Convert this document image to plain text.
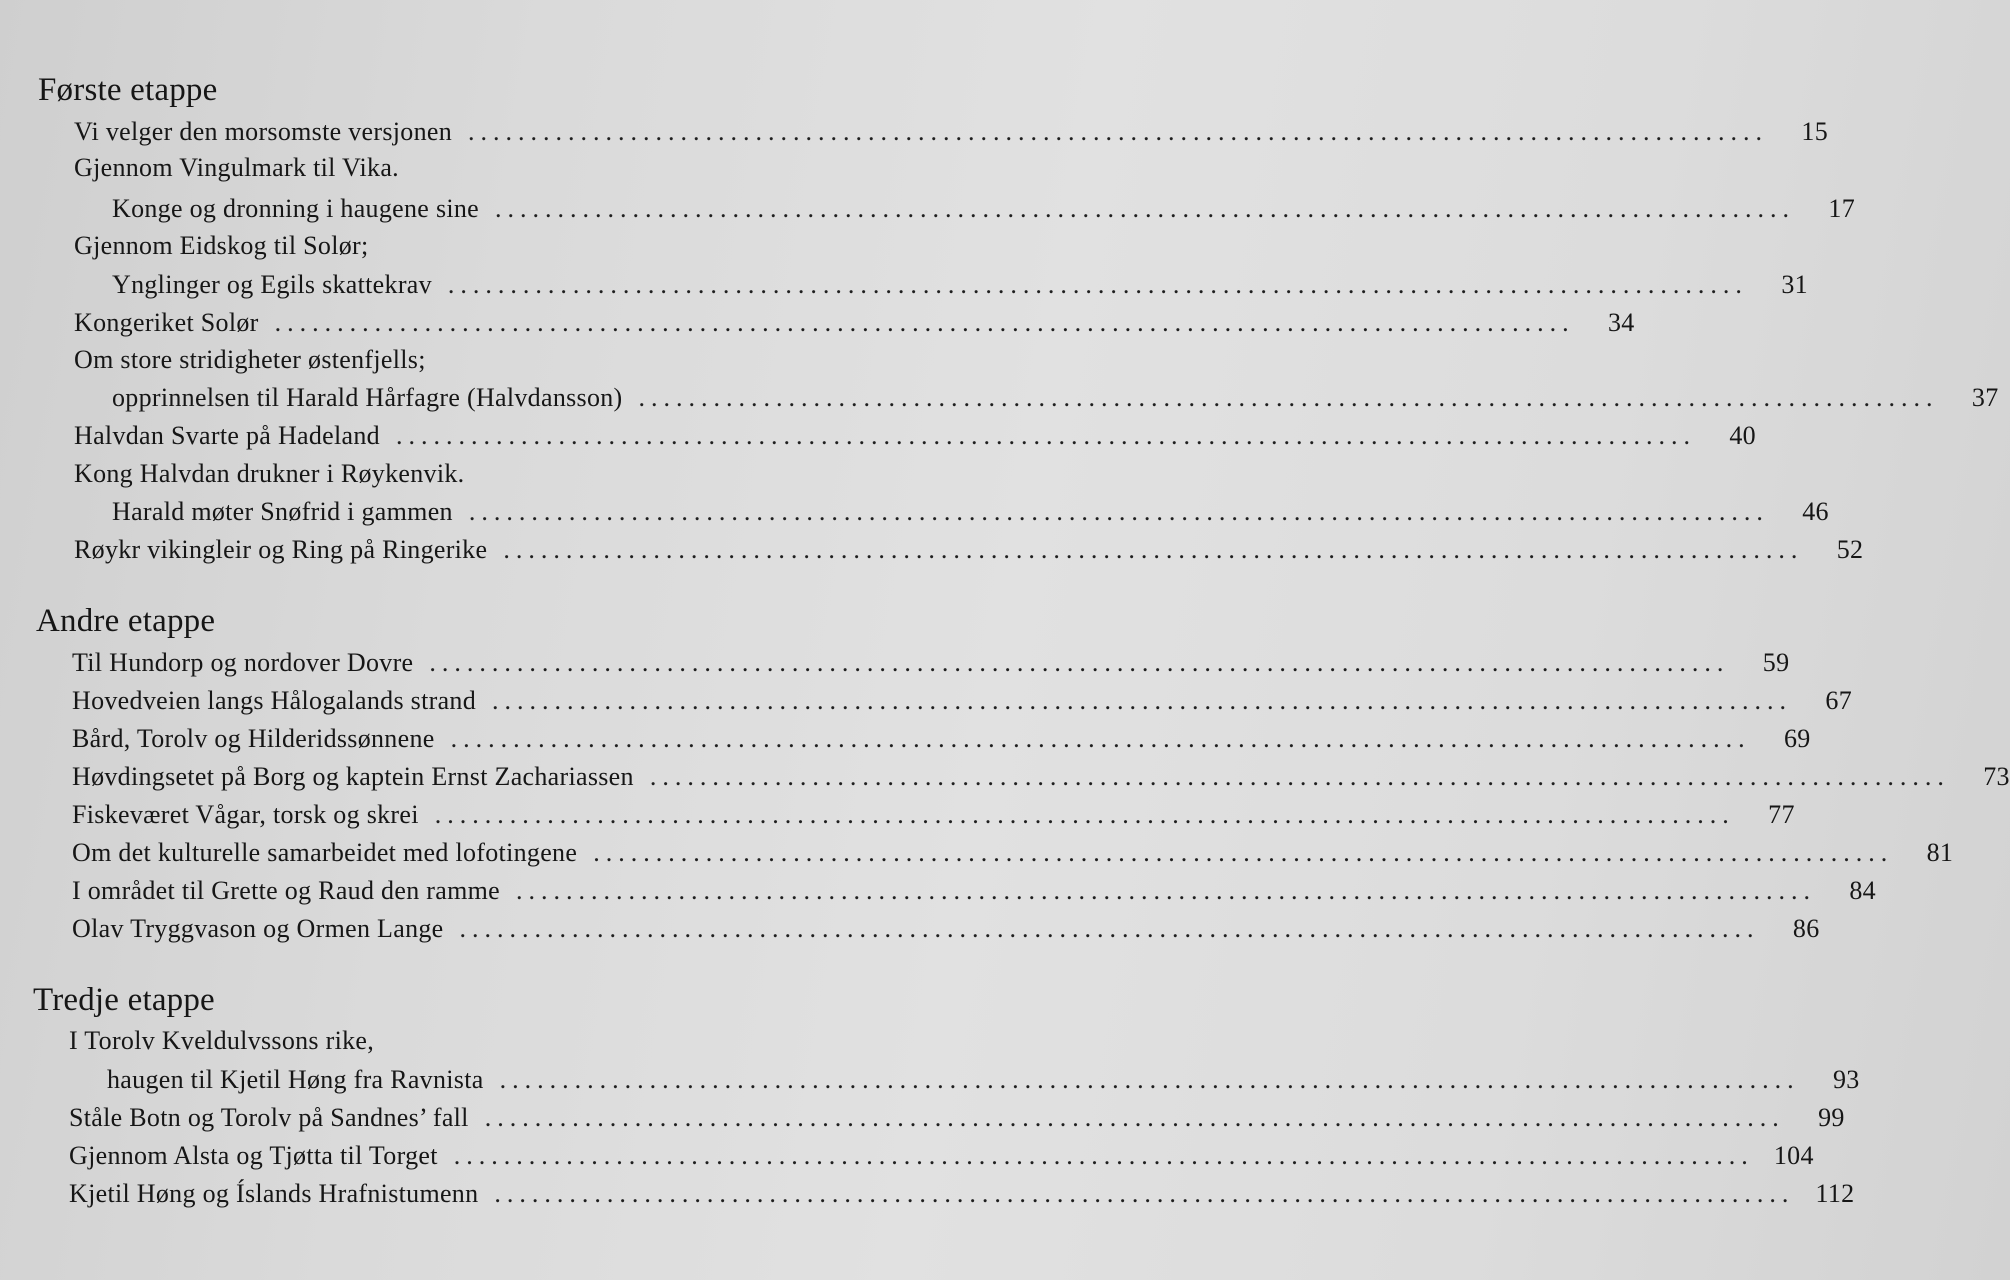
Første etappe
Vi velger den morsomste versjonen ........................................................................................................	15
Gjennom Vingulmark til Vika.
Konge og dronning i haugene sine ........................................................................................................	17
Gjennom Eidskog til Solør;
Ynglinger og Egils skattekrav ........................................................................................................	31
Kongeriket Solør ........................................................................................................	34
Om store stridigheter østenfjells;
opprinnelsen til Harald Hårfagre (Halvdansson) ........................................................................................................	37
Halvdan Svarte på Hadeland ........................................................................................................	40
Kong Halvdan drukner i Røykenvik.
Harald møter Snøfrid i gammen ........................................................................................................	46
Røykr vikingleir og Ring på Ringerike ........................................................................................................	52
Andre etappe
Til Hundorp og nordover Dovre ........................................................................................................	59
Hovedveien langs Hålogalands strand ........................................................................................................	67
Bård, Torolv og Hilderidssønnene ........................................................................................................	69
Høvdingsetet på Borg og kaptein Ernst Zachariassen ........................................................................................................	73
Fiskeværet Vågar, torsk og skrei ........................................................................................................	77
Om det kulturelle samarbeidet med lofotingene ........................................................................................................	81
I området til Grette og Raud den ramme ........................................................................................................	84
Olav Tryggvason og Ormen Lange ........................................................................................................	86
Tredje etappe
I Torolv Kveldulvssons rike,
haugen til Kjetil Høng fra Ravnista ........................................................................................................	93
Ståle Botn og Torolv på Sandnes’ fall ........................................................................................................	99
Gjennom Alsta og Tjøtta til Torget ........................................................................................................ 104
Kjetil Høng og Íslands Hrafnistumenn ........................................................................................................ 112
